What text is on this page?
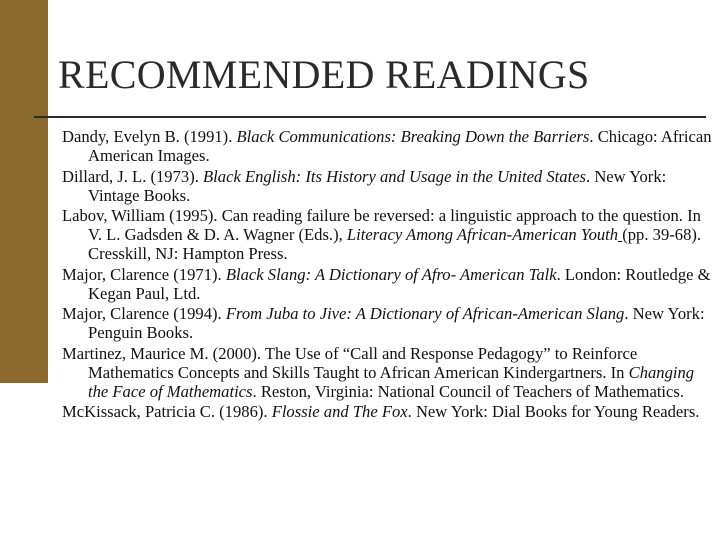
RECOMMENDED READINGS
Dandy, Evelyn B. (1991). Black Communications: Breaking Down the Barriers. Chicago: African American Images.
Dillard, J. L. (1973). Black English: Its History and Usage in the United States. New York: Vintage Books.
Labov, William (1995). Can reading failure be reversed: a linguistic approach to the question. In V. L. Gadsden & D. A. Wagner (Eds.), Literacy Among African-American Youth (pp. 39-68). Cresskill, NJ: Hampton Press.
Major, Clarence (1971). Black Slang: A Dictionary of Afro- American Talk. London: Routledge & Kegan Paul, Ltd.
Major, Clarence (1994). From Juba to Jive: A Dictionary of African-American Slang. New York: Penguin Books.
Martinez, Maurice M. (2000). The Use of “Call and Response Pedagogy” to Reinforce Mathematics Concepts and Skills Taught to African American Kindergartners. In Changing the Face of Mathematics. Reston, Virginia: National Council of Teachers of Mathematics.
McKissack, Patricia C. (1986). Flossie and The Fox. New York: Dial Books for Young Readers.
